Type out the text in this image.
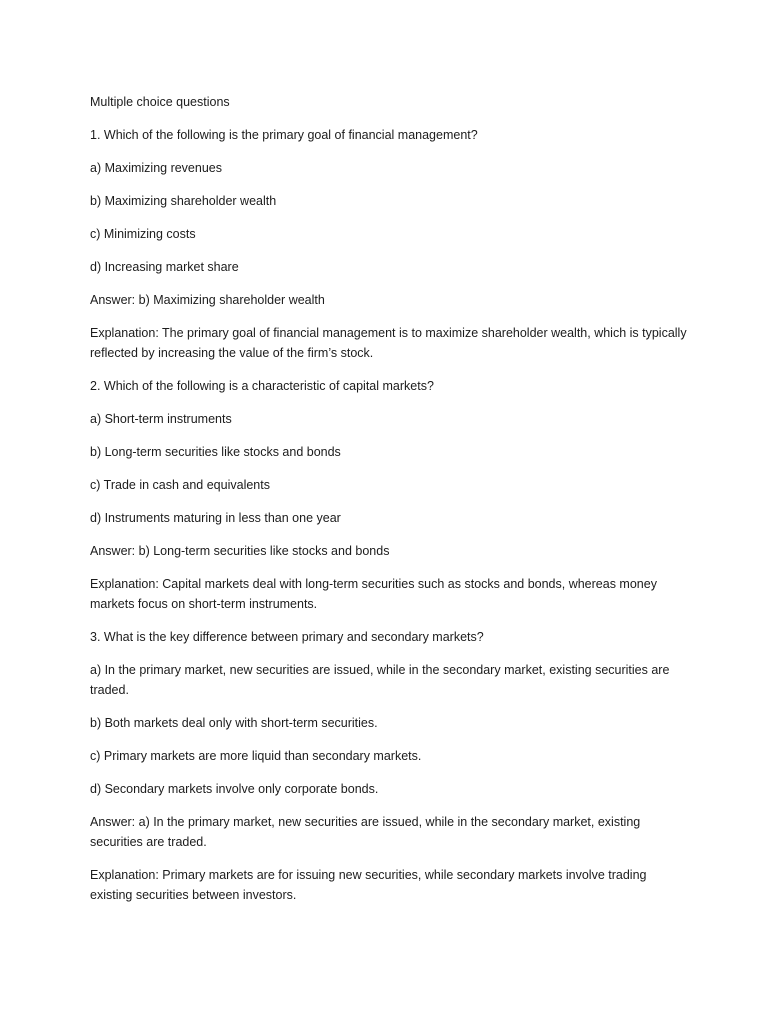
Multiple choice questions

1. Which of the following is the primary goal of financial management?

a) Maximizing revenues

b) Maximizing shareholder wealth

c) Minimizing costs

d) Increasing market share

Answer: b) Maximizing shareholder wealth

Explanation: The primary goal of financial management is to maximize shareholder wealth, which is typically reflected by increasing the value of the firm’s stock.

2. Which of the following is a characteristic of capital markets?

a) Short-term instruments

b) Long-term securities like stocks and bonds

c) Trade in cash and equivalents

d) Instruments maturing in less than one year

Answer: b) Long-term securities like stocks and bonds

Explanation: Capital markets deal with long-term securities such as stocks and bonds, whereas money markets focus on short-term instruments.

3. What is the key difference between primary and secondary markets?

a) In the primary market, new securities are issued, while in the secondary market, existing securities are traded.

b) Both markets deal only with short-term securities.

c) Primary markets are more liquid than secondary markets.

d) Secondary markets involve only corporate bonds.

Answer: a) In the primary market, new securities are issued, while in the secondary market, existing securities are traded.

Explanation: Primary markets are for issuing new securities, while secondary markets involve trading existing securities between investors.
